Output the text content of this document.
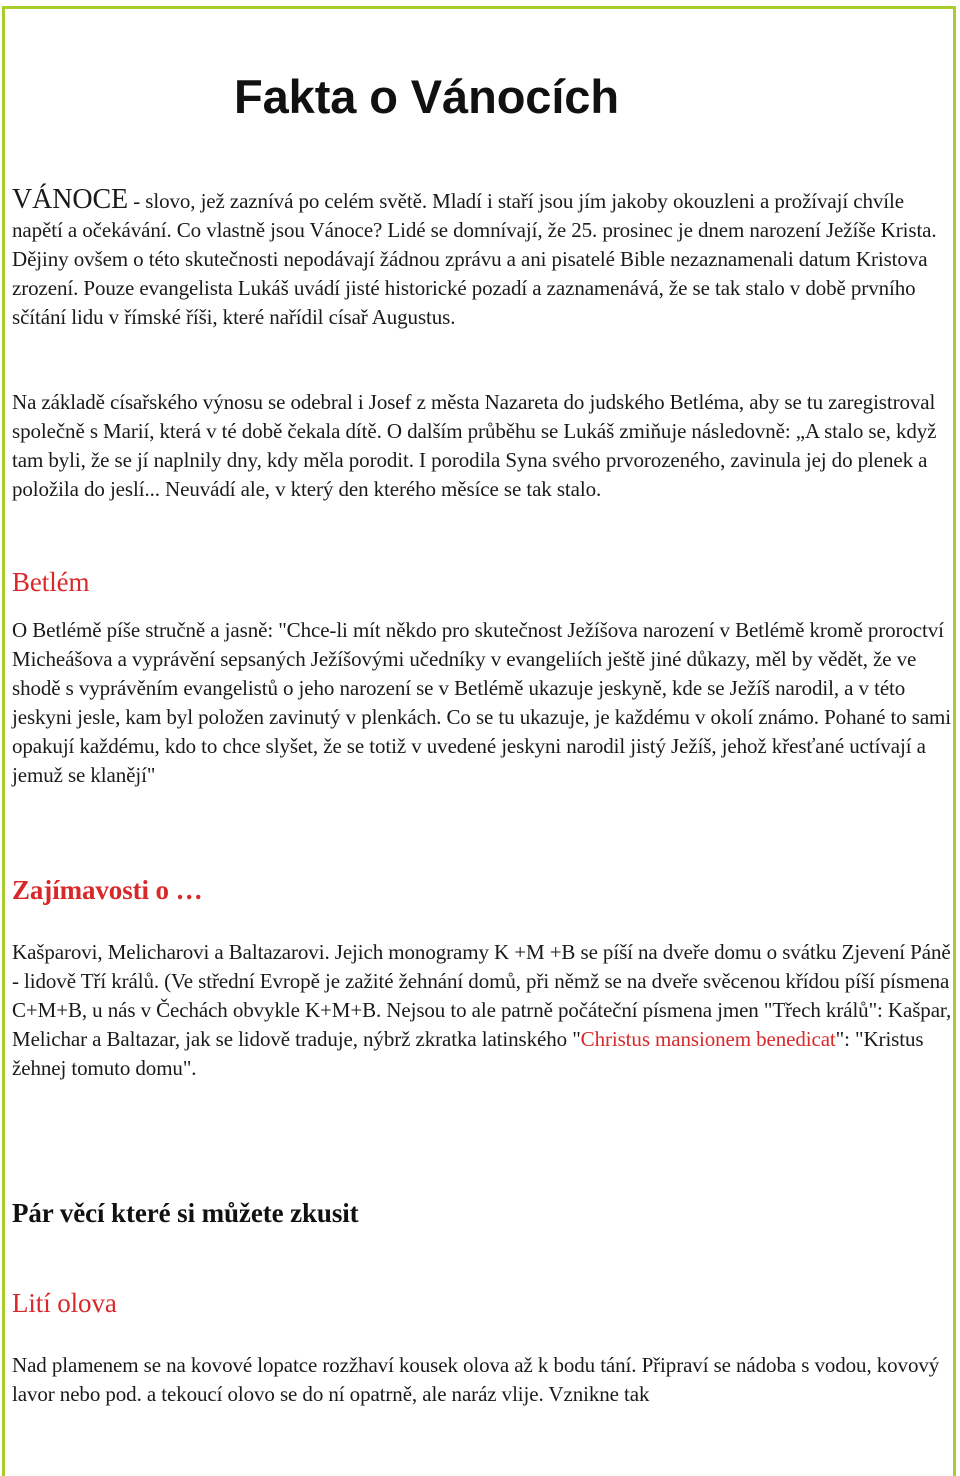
Fakta o Vánocích

VÁNOCE - slovo, jež zaznívá po celém světě. Mladí i staří jsou jím jakoby okouzleni a prožívají chvíle napětí a očekávání. Co vlastně jsou Vánoce? Lidé se domnívají, že 25. prosinec je dnem narození Ježíše Krista. Dějiny ovšem o této skutečnosti nepodávají žádnou zprávu a ani pisatelé Bible nezaznamenali datum Kristova zrození. Pouze evangelista Lukáš uvádí jisté historické pozadí a zaznamenává, že se tak stalo v době prvního sčítání lidu v římské říši, které nařídil císař Augustus.

Na základě císařského výnosu se odebral i Josef z města Nazareta do judského Betléma, aby se tu zaregistroval společně s Marií, která v té době čekala dítě. O dalším průběhu se Lukáš zmiňuje následovně: „A stalo se, když tam byli, že se jí naplnily dny, kdy měla porodit. I porodila Syna svého prvorozeného, zavinula jej do plenek a položila do jeslí... Neuvádí ale, v který den kterého měsíce se tak stalo.

Betlém

O Betlémě píše stručně a jasně: "Chce-li mít někdo pro skutečnost Ježíšova narození v Betlémě kromě proroctví Micheášova a vyprávění sepsaných Ježíšovými učedníky v evangeliích ještě jiné důkazy, měl by vědět, že ve shodě s vyprávěním evangelistů o jeho narození se v Betlémě ukazuje jeskyně, kde se Ježíš narodil, a v této jeskyni jesle, kam byl položen zavinutý v plenkách. Co se tu ukazuje, je každému v okolí známo. Pohané to sami opakují každému, kdo to chce slyšet, že se totiž v uvedené jeskyni narodil jistý Ježíš, jehož křesťané uctívají a jemuž se klanějí"

Zajímavosti o …

Kašparovi, Melicharovi a Baltazarovi. Jejich monogramy K +M +B se píší na dveře domu o svátku Zjevení Páně - lidově Tří králů. (Ve střední Evropě je zažité žehnání domů, při němž se na dveře svěcenou křídou píší písmena C+M+B, u nás v Čechách obvykle K+M+B. Nejsou to ale patrně počáteční písmena jmen "Třech králů": Kašpar, Melichar a Baltazar, jak se lidově traduje, nýbrž zkratka latinského "Christus mansionem benedicat": "Kristus žehnej tomuto domu".

Pár věcí které si můžete zkusit
Lití olova

Nad plamenem se na kovové lopatce rozžhaví kousek olova až k bodu tání. Připraví se nádoba s vodou, kovový lavor nebo pod. a tekoucí olovo se do ní opatrně, ale naráz vlije. Vznikne tak
